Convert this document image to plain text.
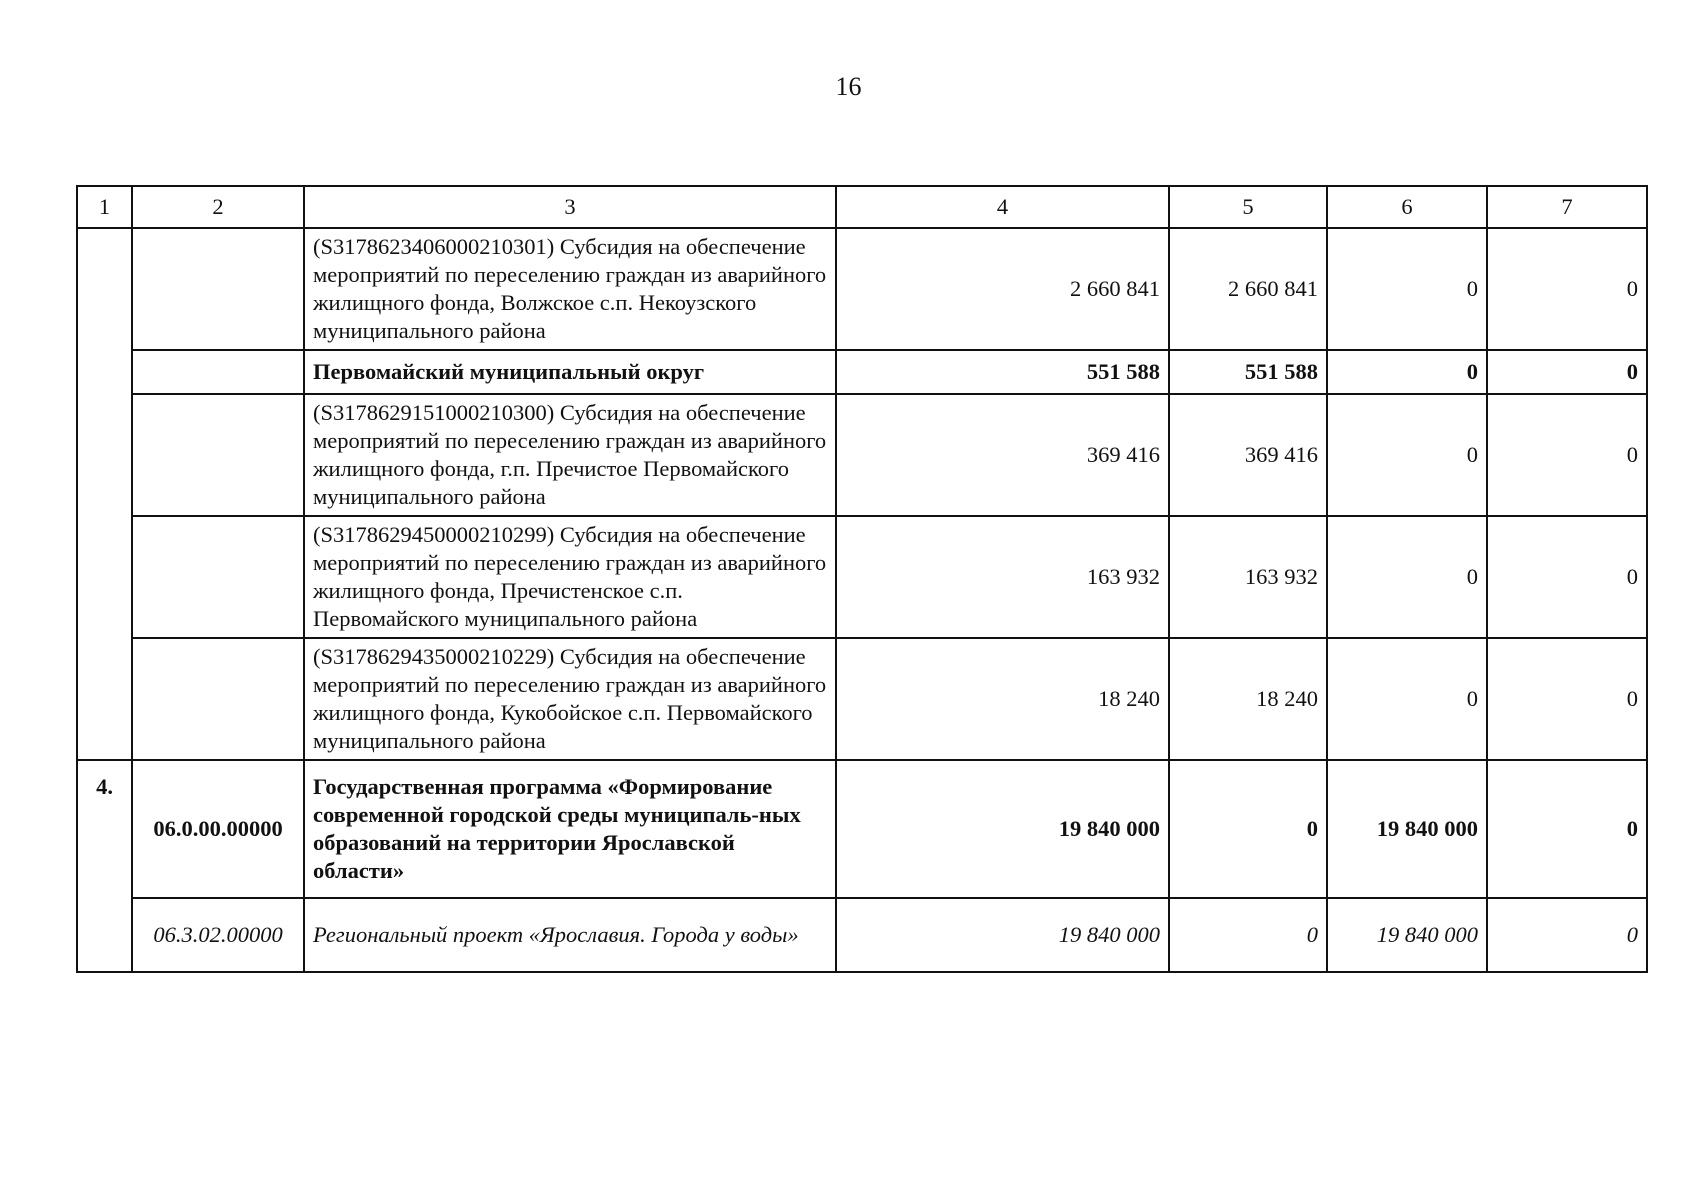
16
1	2	3	4	5	6	7
		(S3178623406000210301) Субсидия на обеспечение мероприятий по переселению граждан из аварийного жилищного фонда, Волжское с.п. Некоузского муниципального района	2 660 841	2 660 841	0	0
		Первомайский муниципальный округ	551 588	551 588	0	0
		(S3178629151000210300) Субсидия на обеспечение мероприятий по переселению граждан из аварийного жилищного фонда, г.п. Пречистое Первомайского муниципального района	369 416	369 416	0	0
		(S3178629450000210299) Субсидия на обеспечение мероприятий по переселению граждан из аварийного жилищного фонда, Пречистенское с.п. Первомайского муниципального района	163 932	163 932	0	0
		(S3178629435000210229) Субсидия на обеспечение мероприятий по переселению граждан из аварийного жилищного фонда, Кукобойское с.п. Первомайского муниципального района	18 240	18 240	0	0
4.	06.0.00.00000	Государственная программа «Формирование современной городской среды муниципаль-ных образований на территории Ярославской области»	19 840 000	0	19 840 000	0
	06.3.02.00000	Региональный проект «Ярославия. Города у воды»	19 840 000	0	19 840 000	0
